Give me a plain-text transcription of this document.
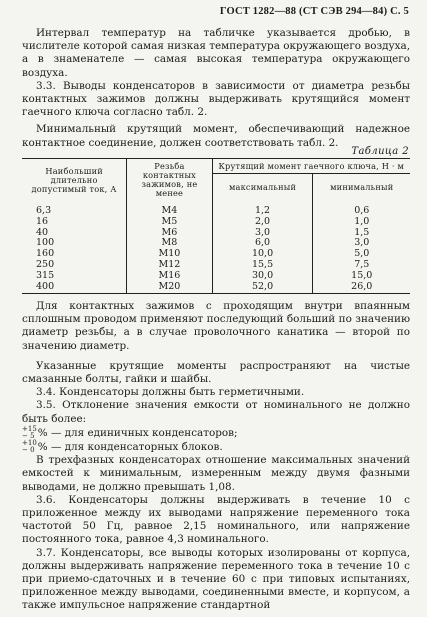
ГОСТ 1282—88 (СТ СЭВ 294—84) С. 5

Интервал температур на табличке указывается дробью, в числителе которой самая низкая температура окружающего воздуха, а в знаменателе — самая высокая температура окружающего воздуха.

3.3. Выводы конденсаторов в зависимости от диаметра резьбы контактных зажимов должны выдерживать крутящийся момент гаечного ключа согласно табл. 2.

Минимальный крутящий момент, обеспечивающий надежное контактное соединение, должен соответствовать табл. 2.

Таблица 2
Наибольший длительно допустимый ток, А	Резьба контактных зажимов, не менее	Крутящий момент гаечного ключа, Н · м	
		максимальный	минимальный
6,3	М4	1,2	0,6
16	М5	2,0	1,0
40	М6	3,0	1,5
100	М8	6,0	3,0
160	М10	10,0	5,0
250	М12	15,5	7,5
315	М16	30,0	15,0
400	М20	52,0	26,0

Для контактных зажимов с проходящим внутри впаянным сплошным проводом применяют последующий больший по значению диаметр резьбы, а в случае проволочного канатика — второй по значению диаметр.

Указанные крутящие моменты распространяют на чистые смазанные болты, гайки и шайбы.

3.4. Конденсаторы должны быть герметичными.

3.5. Отклонение значения емкости от номинального не должно быть более:

+15
− 5 % — для единичных конденсаторов;

+10
− 0 % — для конденсаторных блоков.

В трехфазных конденсаторах отношение максимальных значений емкостей к минимальным, измеренным между двумя фазными выводами, не должно превышать 1,08.

3.6. Конденсаторы должны выдерживать в течение 10 с приложенное между их выводами напряжение переменного тока частотой 50 Гц, равное 2,15 номинального, или напряжение постоянного тока, равное 4,3 номинального.

3.7. Конденсаторы, все выводы которых изолированы от корпуса, должны выдерживать напряжение переменного тока в течение 10 с при приемо-сдаточных и в течение 60 с при типовых испытаниях, приложенное между выводами, соединенными вместе, и корпусом, а также импульсное напряжение стандартной
